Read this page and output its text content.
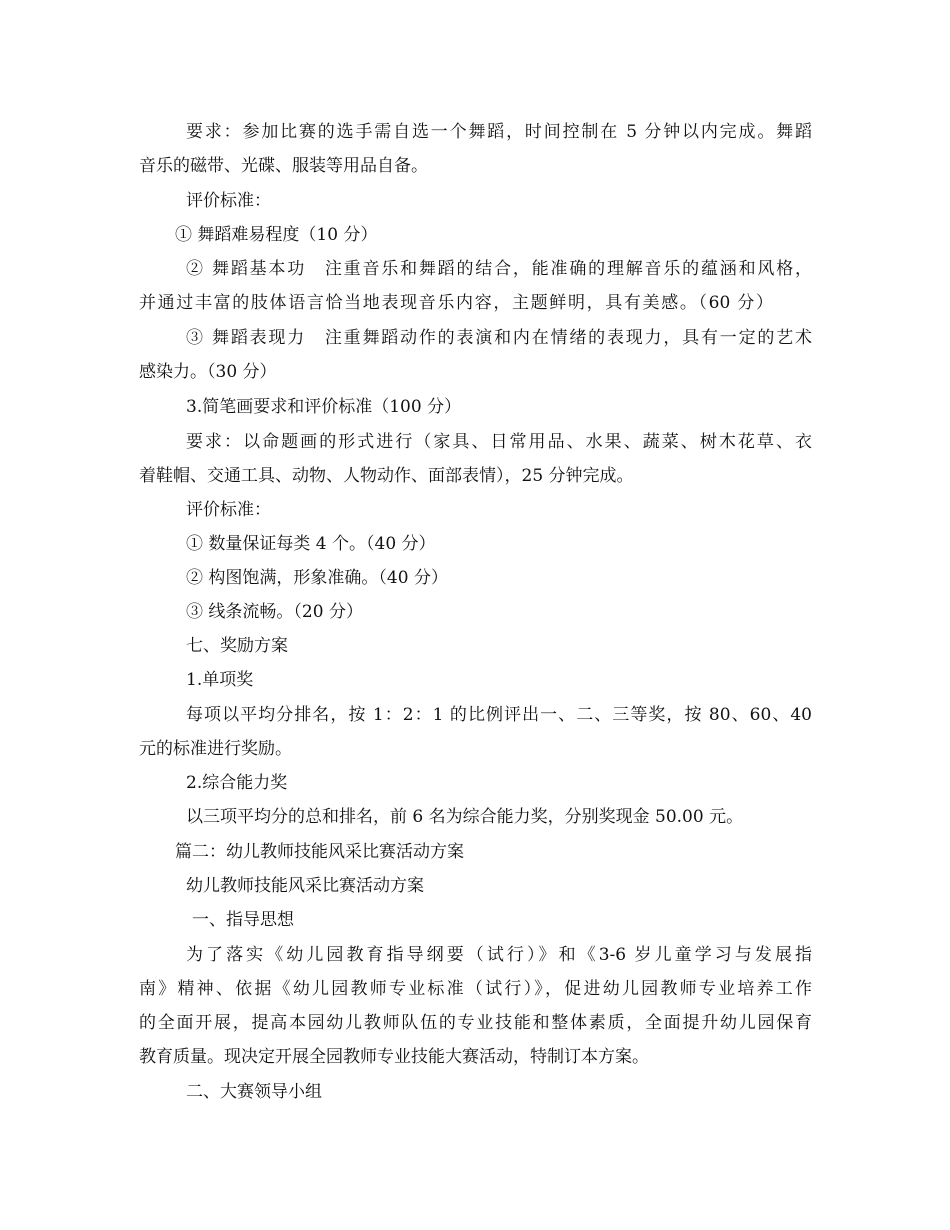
要求：参加比赛的选手需自选一个舞蹈，时间控制在 5 分钟以内完成。舞蹈
音乐的磁带、光碟、服装等用品自备。
评价标准：
① 舞蹈难易程度（10 分）
② 舞蹈基本功　注重音乐和舞蹈的结合，能准确的理解音乐的蕴涵和风格，
并通过丰富的肢体语言恰当地表现音乐内容，主题鲜明，具有美感。（60 分）
③ 舞蹈表现力　注重舞蹈动作的表演和内在情绪的表现力，具有一定的艺术
感染力。（30 分）
3.简笔画要求和评价标准（100 分）
要求：以命题画的形式进行（家具、日常用品、水果、蔬菜、树木花草、衣
着鞋帽、交通工具、动物、人物动作、面部表情），25 分钟完成。
评价标准：
① 数量保证每类 4 个。（40 分）
② 构图饱满，形象准确。（40 分）
③ 线条流畅。（20 分）
七、奖励方案
1.单项奖
每项以平均分排名，按 1：2：1 的比例评出一、二、三等奖，按 80、60、40
元的标准进行奖励。
2.综合能力奖
以三项平均分的总和排名，前 6 名为综合能力奖，分别奖现金 50.00 元。
篇二：幼儿教师技能风采比赛活动方案
幼儿教师技能风采比赛活动方案
一、指导思想
为了落实《幼儿园教育指导纲要（试行）》和《3-6 岁儿童学习与发展指
南》精神、依据《幼儿园教师专业标准（试行）》，促进幼儿园教师专业培养工作
的全面开展，提高本园幼儿教师队伍的专业技能和整体素质，全面提升幼儿园保育
教育质量。现决定开展全园教师专业技能大赛活动，特制订本方案。
二、大赛领导小组
